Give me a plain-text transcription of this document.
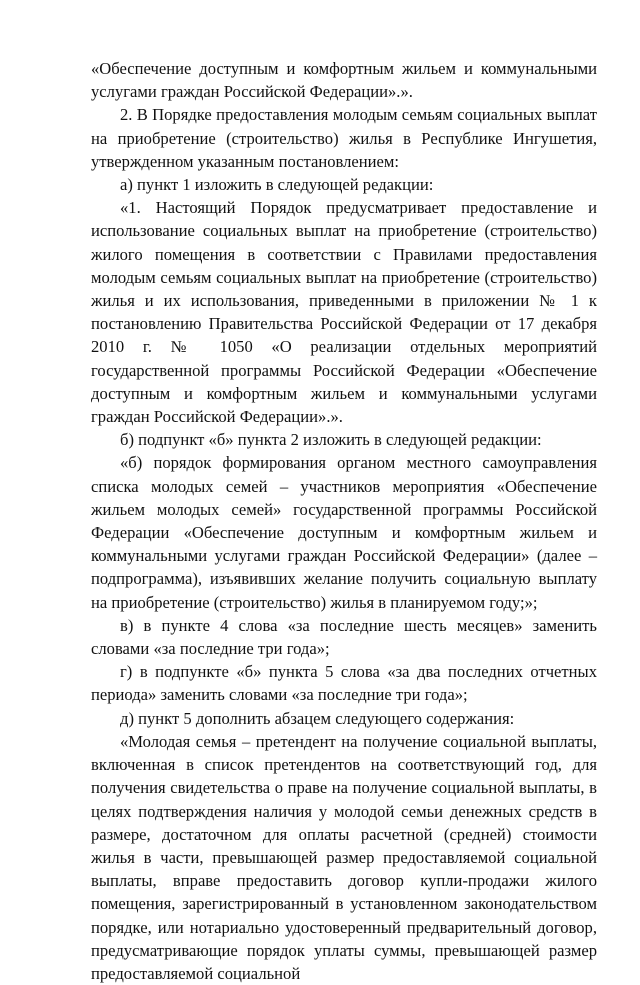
«Обеспечение доступным и комфортным жильем и коммунальными услугами граждан Российской Федерации».».

2. В Порядке предоставления молодым семьям социальных выплат на приобретение (строительство) жилья в Республике Ингушетия, утвержденном указанным постановлением:

а) пункт 1 изложить в следующей редакции:

«1. Настоящий Порядок предусматривает предоставление и использование социальных выплат на приобретение (строительство) жилого помещения в соответствии с Правилами предоставления молодым семьям социальных выплат на приобретение (строительство) жилья и их использования, приведенными в приложении № 1 к постановлению Правительства Российской Федерации от 17 декабря 2010 г. № 1050 «О реализации отдельных мероприятий государственной программы Российской Федерации «Обеспечение доступным и комфортным жильем и коммунальными услугами граждан Российской Федерации».».

б) подпункт «б» пункта 2 изложить в следующей редакции:

«б) порядок формирования органом местного самоуправления списка молодых семей – участников мероприятия «Обеспечение жильем молодых семей» государственной программы Российской Федерации «Обеспечение доступным и комфортным жильем и коммунальными услугами граждан Российской Федерации» (далее – подпрограмма), изъявивших желание получить социальную выплату на приобретение (строительство) жилья в планируемом году;»;

в) в пункте 4 слова «за последние шесть месяцев» заменить словами «за последние три года»;

г) в подпункте «б» пункта 5 слова «за два последних отчетных периода» заменить словами «за последние три года»;

д) пункт 5 дополнить абзацем следующего содержания:

«Молодая семья – претендент на получение социальной выплаты, включенная в список претендентов на соответствующий год, для получения свидетельства о праве на получение социальной выплаты, в целях подтверждения наличия у молодой семьи денежных средств в размере, достаточном для оплаты расчетной (средней) стоимости жилья в части, превышающей размер предоставляемой социальной выплаты, вправе предоставить договор купли-продажи жилого помещения, зарегистрированный в установленном законодательством порядке, или нотариально удостоверенный предварительный договор, предусматривающие порядок уплаты суммы, превышающей размер предоставляемой социальной
